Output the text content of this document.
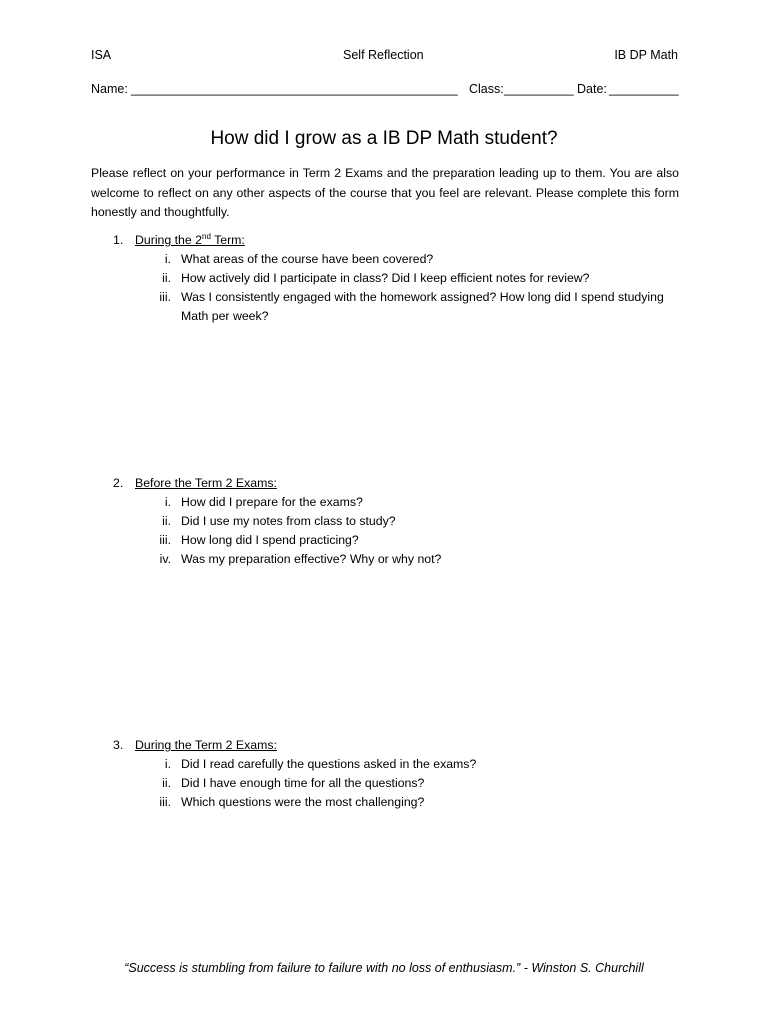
ISA	Self Reflection	IB DP Math
Name: _______________________________________________ Class: __________ Date: __________
How did I grow as a IB DP Math student?
Please reflect on your performance in Term 2 Exams and the preparation leading up to them. You are also welcome to reflect on any other aspects of the course that you feel are relevant. Please complete this form honestly and thoughtfully.
1. During the 2nd Term:
i. What areas of the course have been covered?
ii. How actively did I participate in class? Did I keep efficient notes for review?
iii. Was I consistently engaged with the homework assigned? How long did I spend studying Math per week?
2. Before the Term 2 Exams:
i. How did I prepare for the exams?
ii. Did I use my notes from class to study?
iii. How long did I spend practicing?
iv. Was my preparation effective? Why or why not?
3. During the Term 2 Exams:
i. Did I read carefully the questions asked in the exams?
ii. Did I have enough time for all the questions?
iii. Which questions were the most challenging?
“Success is stumbling from failure to failure with no loss of enthusiasm.” - Winston S. Churchill
